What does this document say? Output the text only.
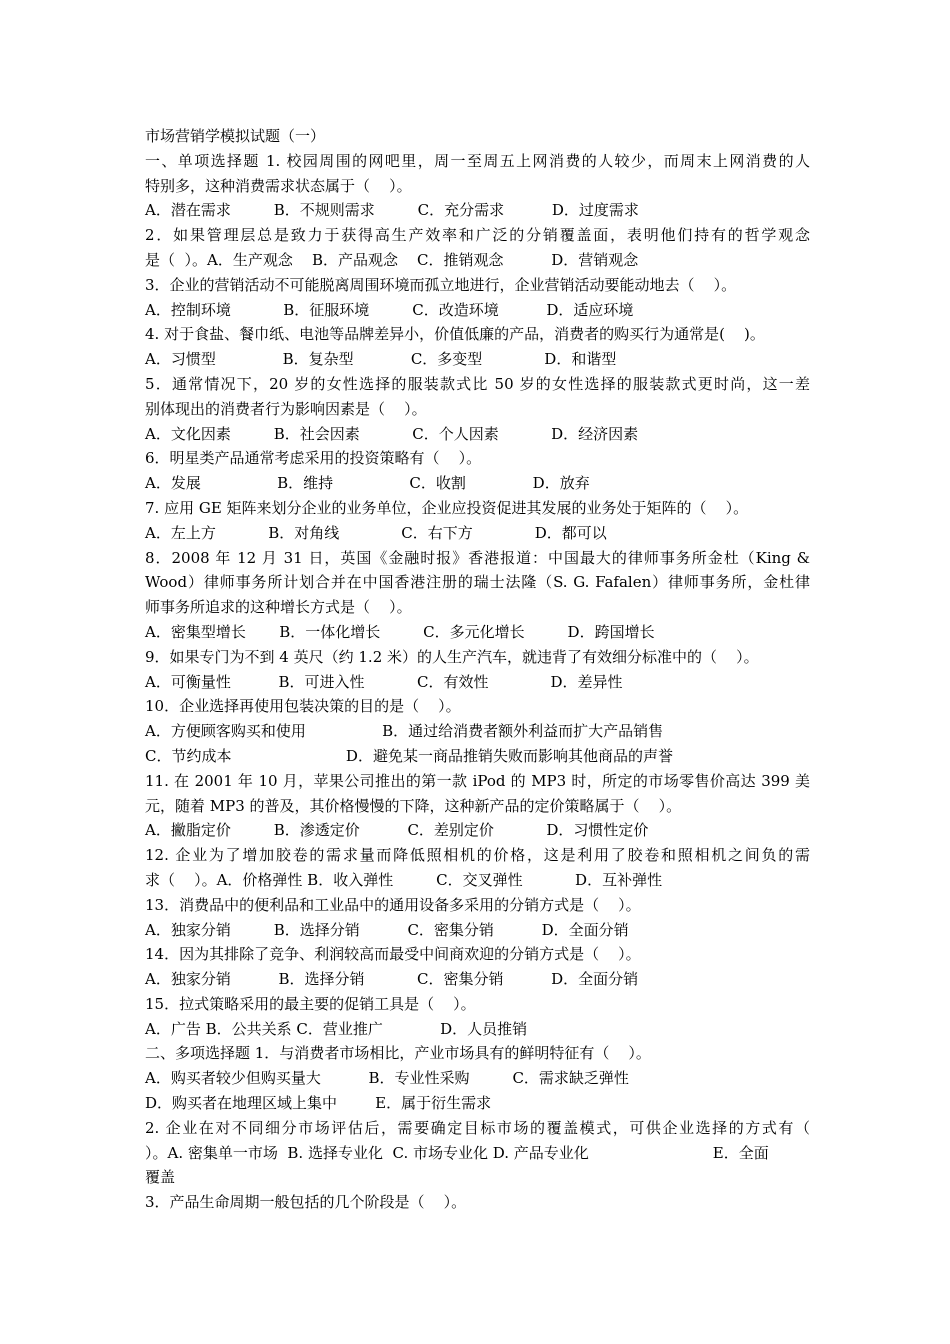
市场营销学模拟试题（一）
一、单项选择题 1. 校园周围的网吧里，周一至周五上网消费的人较少，而周末上网消费的人
特别多，这种消费需求状态属于（    ）。
A．潜在需求         B．不规则需求         C．充分需求          D．过度需求
2．如果管理层总是致力于获得高生产效率和广泛的分销覆盖面，表明他们持有的哲学观念
是（  ）。A．生产观念    B．产品观念    C．推销观念          D．营销观念
3．企业的营销活动不可能脱离周围环境而孤立地进行，企业营销活动要能动地去（    ）。
A．控制环境           B．征服环境         C．改造环境          D．适应环境
4. 对于食盐、餐巾纸、电池等品牌差异小，价值低廉的产品，消费者的购买行为通常是(    )。
A．习惯型              B．复杂型            C．多变型             D．和谐型
5．通常情况下，20 岁的女性选择的服装款式比 50 岁的女性选择的服装款式更时尚，这一差
别体现出的消费者行为影响因素是（    ）。
A．文化因素         B．社会因素           C．个人因素           D．经济因素
6．明星类产品通常考虑采用的投资策略有（    ）。
A．发展                B．维持                C．收割              D．放弃
7. 应用 GE 矩阵来划分企业的业务单位，企业应投资促进其发展的业务处于矩阵的（    ）。
A．左上方           B．对角线             C．右下方             D．都可以
8．2008 年 12 月 31 日，英国《金融时报》香港报道：中国最大的律师事务所金杜（King &
Wood）律师事务所计划合并在中国香港注册的瑞士法隆（S. G. Fafalen）律师事务所，金杜律
师事务所追求的这种增长方式是（    ）。
A．密集型增长       B．一体化增长         C．多元化增长         D．跨国增长
9．如果专门为不到 4 英尺（约 1.2 米）的人生产汽车，就违背了有效细分标准中的（    ）。
A．可衡量性          B．可进入性           C．有效性             D．差异性
10．企业选择再使用包装决策的目的是（    ）。
A．方便顾客购买和使用                B．通过给消费者额外利益而扩大产品销售
C．节约成本                        D．避免某一商品推销失败而影响其他商品的声誉
11. 在 2001 年 10 月，苹果公司推出的第一款 iPod 的 MP3 时，所定的市场零售价高达 399 美
元，随着 MP3 的普及，其价格慢慢的下降，这种新产品的定价策略属于（    ）。
A．撇脂定价         B．渗透定价          C．差别定价           D．习惯性定价
12. 企业为了增加胶卷的需求量而降低照相机的价格，这是利用了胶卷和照相机之间负的需
求（    ）。A．价格弹性 B．收入弹性         C．交叉弹性           D．互补弹性
13．消费品中的便利品和工业品中的通用设备多采用的分销方式是（    ）。
A．独家分销         B．选择分销          C．密集分销          D．全面分销
14．因为其排除了竞争、利润较高而最受中间商欢迎的分销方式是（    ）。
A．独家分销          B．选择分销           C．密集分销          D．全面分销
15．拉式策略采用的最主要的促销工具是（    ）。
A．广告 B．公共关系 C．营业推广            D．人员推销
二、多项选择题 1．与消费者市场相比，产业市场具有的鲜明特征有（    ）。
A．购买者较少但购买量大          B．专业性采购         C．需求缺乏弹性
D．购买者在地理区域上集中        E．属于衍生需求
2. 企业在对不同细分市场评估后，需要确定目标市场的覆盖模式，可供企业选择的方式有（
）。A. 密集单一市场  B. 选择专业化  C. 市场专业化 D. 产品专业化                          E．全面
覆盖
3．产品生命周期一般包括的几个阶段是（    ）。
